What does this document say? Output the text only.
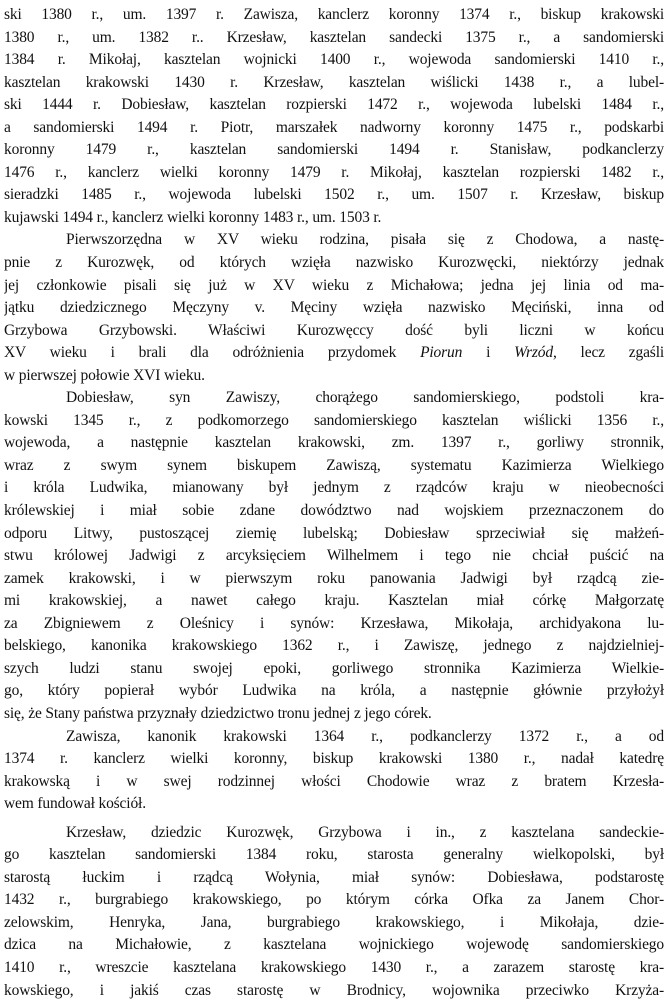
ski 1380 r., um. 1397 r. Zawisza, kanclerz koronny 1374 r., biskup krakowski
1380 r., um. 1382 r.. Krzesław, kasztelan sandecki 1375 r., a sandomierski
1384 r. Mikołaj, kasztelan wojnicki 1400 r., wojewoda sandomierski 1410 r.,
kasztelan krakowski 1430 r. Krzesław, kasztelan wiślicki 1438 r., a lubel-
ski 1444 r. Dobiesław, kasztelan rozpierski 1472 r., wojewoda lubelski 1484 r.,
a sandomierski 1494 r. Piotr, marszałek nadworny koronny 1475 r., podskarbi
koronny 1479 r., kasztelan sandomierski 1494 r. Stanisław, podkanclerzy
1476 r., kanclerz wielki koronny 1479 r. Mikołaj, kasztelan rozpierski 1482 r.,
sieradzki 1485 r., wojewoda lubelski 1502 r., um. 1507 r. Krzesław, biskup
kujawski 1494 r., kanclerz wielki koronny 1483 r., um. 1503 r.
Pierwszorzędna w XV wieku rodzina, pisała się z Chodowa, a nastę-
pnie z Kurozwęk, od których wzięła nazwisko Kurozwęcki, niektórzy jednak
jej członkowie pisali się już w XV wieku z Michałowa; jedna jej linia od ma-
jątku dziedzicznego Męczyny v. Męciny wzięła nazwisko Męciński, inna od
Grzybowa Grzybowski. Właściwi Kurozwęccy dość byli liczni w końcu
XV wieku i brali dla odróżnienia przydomek Piorun i Wrzód, lecz zgaśli
w pierwszej połowie XVI wieku.
Dobiesław, syn Zawiszy, chorążego sandomierskiego, podstoli kra-
kowski 1345 r., z podkomorzego sandomierskiego kasztelan wiślicki 1356 r.,
wojewoda, a następnie kasztelan krakowski, zm. 1397 r., gorliwy stronnik,
wraz z swym synem biskupem Zawiszą, systematu Kazimierza Wielkiego
i króla Ludwika, mianowany był jednym z rządców kraju w nieobecności
królewskiej i miał sobie zdane dowództwo nad wojskiem przeznaczonem do
odporu Litwy, pustoszącej ziemię lubelską; Dobiesław sprzeciwiał się małżeń-
stwu królowej Jadwigi z arcyksięciem Wilhelmem i tego nie chciał puścić na
zamek krakowski, i w pierwszym roku panowania Jadwigi był rządcą zie-
mi krakowskiej, a nawet całego kraju. Kasztelan miał córkę Małgorzatę
za Zbigniewem z Oleśnicy i synów: Krzesława, Mikołaja, archidyakona lu-
belskiego, kanonika krakowskiego 1362 r., i Zawiszę, jednego z najdzielniej-
szych ludzi stanu swojej epoki, gorliwego stronnika Kazimierza Wielkie-
go, który popierał wybór Ludwika na króla, a następnie głównie przyłożył
się, że Stany państwa przyznały dziedzictwo tronu jednej z jego córek.
Zawisza, kanonik krakowski 1364 r., podkanclerzy 1372 r., a od
1374 r. kanclerz wielki koronny, biskup krakowski 1380 r., nadał katedrę
krakowską i w swej rodzinnej włości Chodowie wraz z bratem Krzesła-
wem fundował kościół.
Krzesław, dziedzic Kurozwęk, Grzybowa i in., z kasztelana sandeckie-
go kasztelan sandomierski 1384 roku, starosta generalny wielkopolski, był
starostą łuckim i rządcą Wołynia, miał synów: Dobiesława, podstarostę
1432 r., burgrabiego krakowskiego, po którym córka Ofka za Janem Chor-
zelowskim, Henryka, Jana, burgrabiego krakowskiego, i Mikołaja, dzie-
dzica na Michałowie, z kasztelana wojnickiego wojewodę sandomierskiego
1410 r., wreszcie kasztelana krakowskiego 1430 r., a zarazem starostę kra-
kowskiego, i jakiś czas starostę w Brodnicy, wojownika przeciwko Krzyża-
